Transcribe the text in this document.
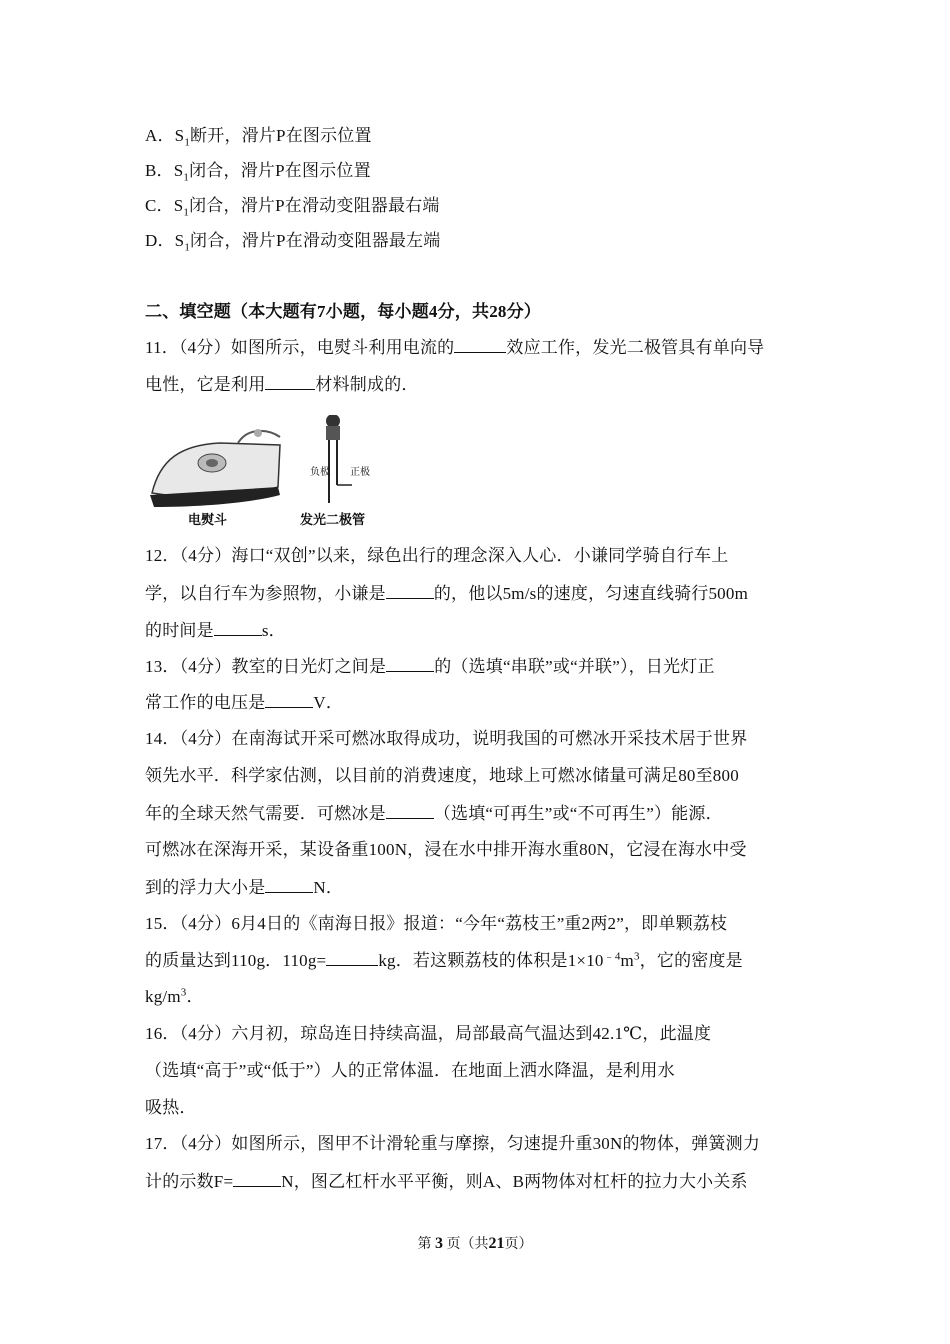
A．$S_1$断开，滑片P在图示位置
B．$S_1$闭合，滑片P在图示位置
C．$S_1$闭合，滑片P在滑动变阻器最右端
D．$S_1$闭合，滑片P在滑动变阻器最左端
二、填空题（本大题有7小题，每小题4分，共28分）
11．（4分）如图所示，电熨斗利用电流的	效应工作，发光二极管具有单向导
电性，它是利用	材料制成的．
负极 正极
电熨斗	发光二极管
12．（4分）海口“双创”以来，绿色出行的理念深入人心．小谦同学骑自行车上
学，以自行车为参照物，小谦是	的，他以5m/s的速度，匀速直线骑行500m
的时间是	s．
13．（4分）教室的日光灯之间是	的（选填“串联”或“并联”），日光灯正
常工作的电压是	V．
14．（4分）在南海试开采可燃冰取得成功，说明我国的可燃冰开采技术居于世界
领先水平．科学家估测，以目前的消费速度，地球上可燃冰储量可满足80至800
年的全球天然气需要．可燃冰是	（选填“可再生”或“不可再生”）能源．
可燃冰在深海开采，某设备重100N，浸在水中排开海水重80N，它浸在海水中受
到的浮力大小是	N．
15．（4分）6月4日的《南海日报》报道：“今年“荔枝王”重2两2”，即单颗荔枝
的质量达到110g．110g=	kg．若这颗荔枝的体积是$1\times 10^{﹣4}m^3$，它的密度是
$kg/m^3$．
16．（4分）六月初，琼岛连日持续高温，局部最高气温达到42.1℃，此温度
（选填“高于”或“低于”）人的正常体温．在地面上洒水降温，是利用水
吸热．
17．（4分）如图所示，图甲不计滑轮重与摩擦，匀速提升重30N的物体，弹簧测力
计的示数F=	N，图乙杠杆水平平衡，则A、B两物体对杠杆的拉力大小关系
第 3 页（共21页）
